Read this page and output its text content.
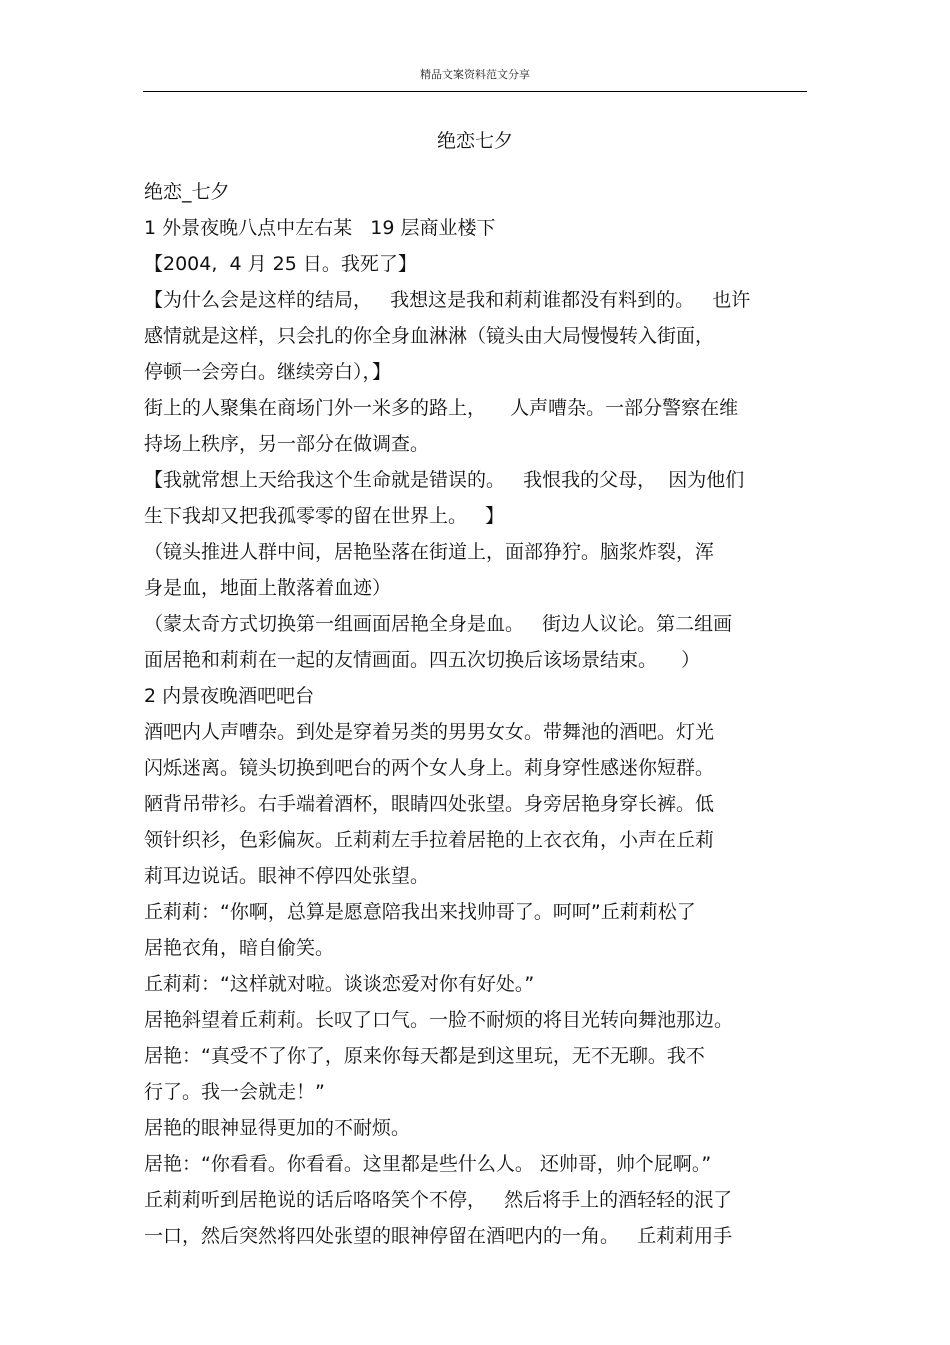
精品文案资料范文分享
绝恋七夕
绝恋_七夕
1 外景夜晚八点中左右某   19 层商业楼下
【2004,  4 月 25 日。我死了】
【为什么会是这样的结局，   我想这是我和莉莉谁都没有料到的。   也许
感情就是这样，只会扎的你全身血淋淋（镜头由大局慢慢转入街面，
停顿一会旁白。继续旁白），】
街上的人聚集在商场门外一米多的路上，    人声嘈杂。一部分警察在维
持场上秩序，另一部分在做调查。
【我就常想上天给我这个生命就是错误的。   我恨我的父母，  因为他们
生下我却又把我孤零零的留在世界上。   】
（镜头推进人群中间，居艳坠落在街道上，面部狰狞。脑浆炸裂，浑
身是血，地面上散落着血迹）
（蒙太奇方式切换第一组画面居艳全身是血。   街边人议论。第二组画
面居艳和莉莉在一起的友情画面。四五次切换后该场景结束。    ）
2 内景夜晚酒吧吧台
酒吧内人声嘈杂。到处是穿着另类的男男女女。带舞池的酒吧。灯光
闪烁迷离。镜头切换到吧台的两个女人身上。莉身穿性感迷你短群。
陋背吊带衫。右手端着酒杯，眼睛四处张望。身旁居艳身穿长裤。低
领针织衫，色彩偏灰。丘莉莉左手拉着居艳的上衣衣角，小声在丘莉
莉耳边说话。眼神不停四处张望。
丘莉莉：“你啊，总算是愿意陪我出来找帅哥了。呵呵”丘莉莉松了
居艳衣角，暗自偷笑。
丘莉莉：“这样就对啦。谈谈恋爱对你有好处。”
居艳斜望着丘莉莉。长叹了口气。一脸不耐烦的将目光转向舞池那边。
居艳：“真受不了你了，原来你每天都是到这里玩，无不无聊。我不
行了。我一会就走！”
居艳的眼神显得更加的不耐烦。
居艳：“你看看。你看看。这里都是些什么人。 还帅哥，帅个屁啊。”
丘莉莉听到居艳说的话后咯咯笑个不停，   然后将手上的酒轻轻的泯了
一口，然后突然将四处张望的眼神停留在酒吧内的一角。   丘莉莉用手
